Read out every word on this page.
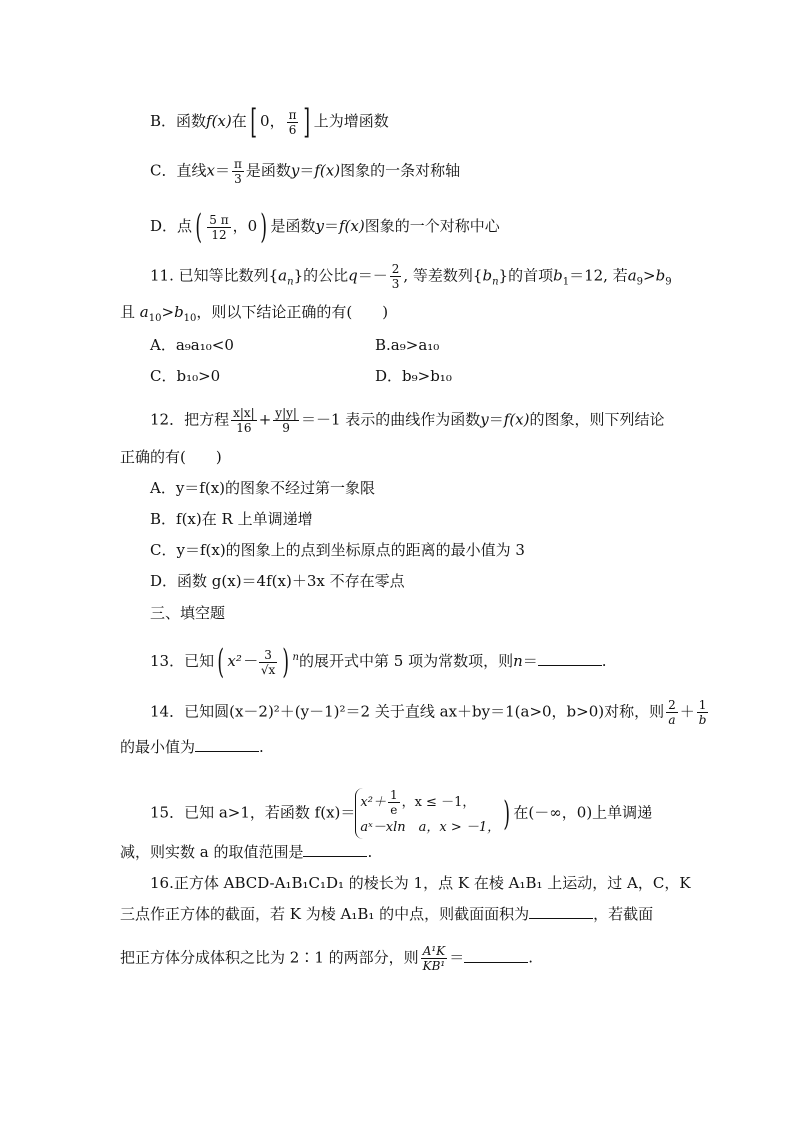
B．函数f(x)在[ 0， $\frac{\pi}{6}$ ] 上为增函数
C．直线$x= \frac{\pi}{3}$ 是函数y＝f(x)图象的一条对称轴
D．点( $\frac{5 \pi}{12}$ ，0) 是函数y＝f(x)图象的一个对称中心
11. 已知等比数列$\{a_n\}$的公比$q=- \frac{2}{3}$ , 等差数列$\{b_n\}$的首项$b_1=12$, 若$a_9>b_9$
且 $a_{10}>b_{10}$，则以下结论正确的有(　　)
A．a₉a₁₀<0	B.a₉>a₁₀
C．b₁₀>0	D．b₉>b₁₀
12．把方程 $\frac{x|x|}{16} + \frac{y|y|}{9} =-1$ 表示的曲线作为函数y＝f(x)的图象，则下列结论
正确的有(　　)
A．y＝f(x)的图象不经过第一象限
B．f(x)在 R 上单调递增
C．y＝f(x)的图象上的点到坐标原点的距离的最小值为 3
D．函数 g(x)＝4f(x)＋3x 不存在零点
三、填空题
13．已知( $x^2- \frac{3}{√x}$ ) $^n$的展开式中第 5 项为常数项，则n＝	.
14．已知圆(x－2)²＋(y－1)²＝2 关于直线 ax＋by＝1(a>0，b>0)对称，则 $\frac{2}{a} + \frac{1}{b}$
的最小值为	.
15．已知 a>1，若函数 $f(x)=x^2+ \frac{1}{e}$ ，x ≤ －1，
aˣ－xln　a，x > －1，) 在(－∞，0)上单调递
减，则实数 a 的取值范围是	.
16.正方体 ABCD-A₁B₁C₁D₁ 的棱长为 1，点 K 在棱 A₁B₁ 上运动，过 A，C，K
三点作正方体的截面，若 K 为棱 A₁B₁ 的中点，则截面面积为	，若截面
把正方体分成体积之比为 2∶1 的两部分，则 $\frac{\text{A¹K}}{\text{KB¹}}$ ＝	.
